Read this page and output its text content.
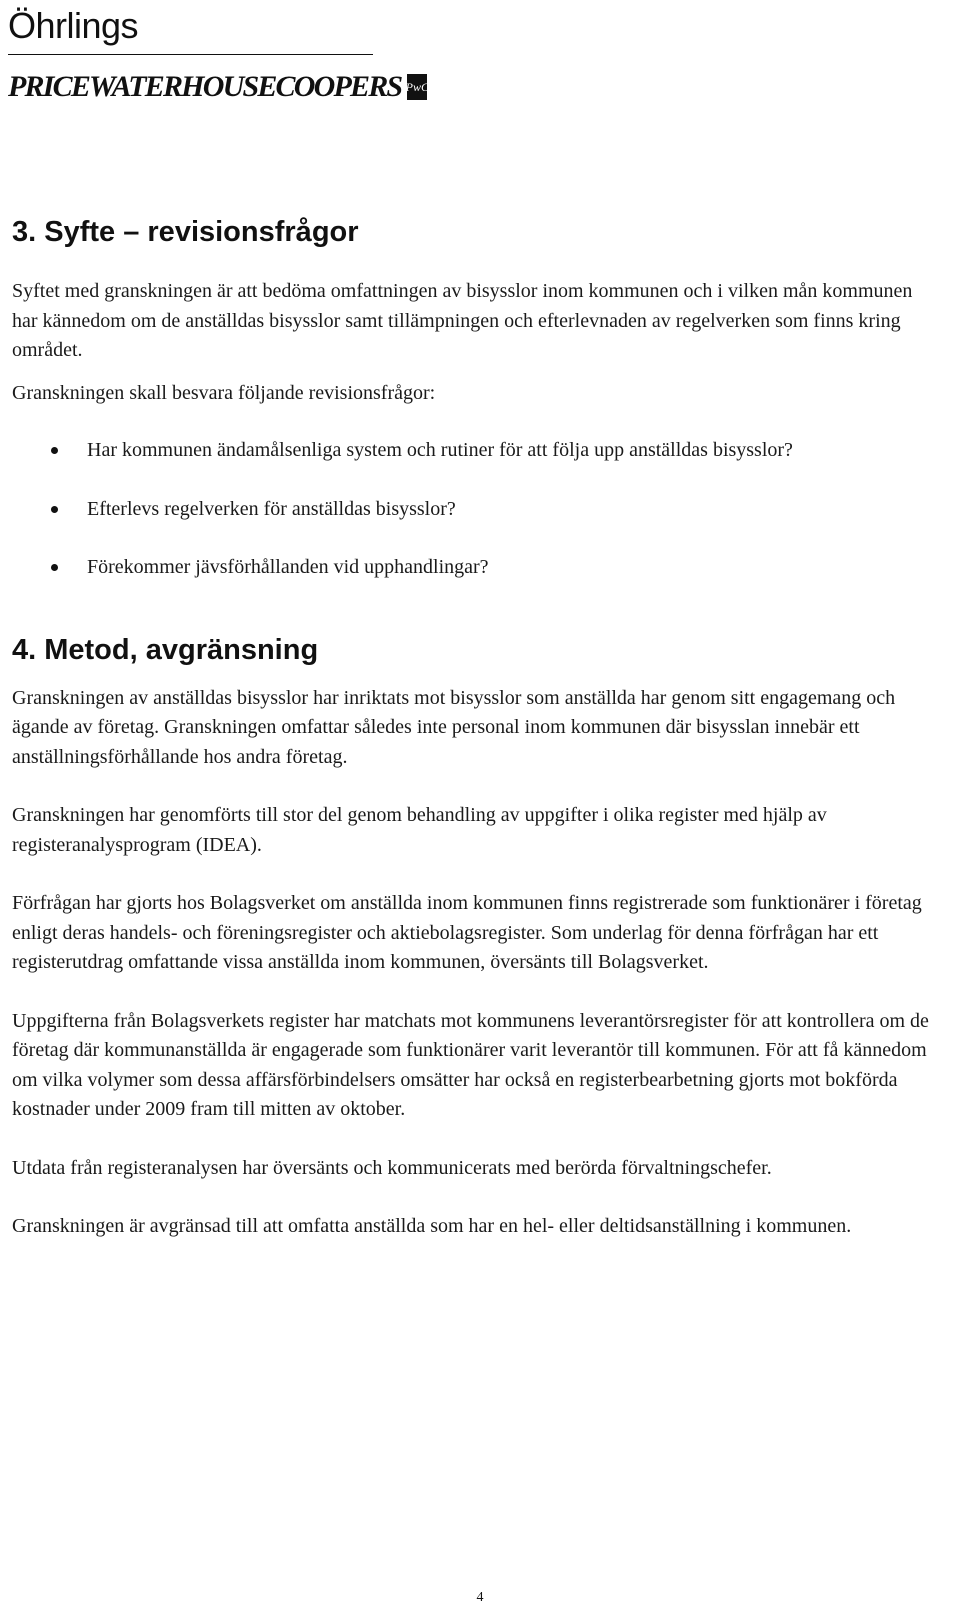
Öhrlings
PRICEWATERHOUSECOOPERS PwC
3. Syfte – revisionsfrågor

Syftet med granskningen är att bedöma omfattningen av bisysslor inom kommunen och i vilken mån kommunen har kännedom om de anställdas bisysslor samt tillämpningen och efterlevnaden av regelverken som finns kring området.

Granskningen skall besvara följande revisionsfrågor:

Har kommunen ändamålsenliga system och rutiner för att följa upp anställdas bisysslor?
Efterlevs regelverken för anställdas bisysslor?
Förekommer jävsförhållanden vid upphandlingar?
4. Metod, avgränsning

Granskningen av anställdas bisysslor har inriktats mot bisysslor som anställda har genom sitt engagemang och ägande av företag. Granskningen omfattar således inte personal inom kommunen där bisysslan innebär ett anställningsförhållande hos andra företag.

Granskningen har genomförts till stor del genom behandling av uppgifter i olika register med hjälp av registeranalysprogram (IDEA).

Förfrågan har gjorts hos Bolagsverket om anställda inom kommunen finns registrerade som funktionärer i företag enligt deras handels- och föreningsregister och aktiebolagsregister. Som underlag för denna förfrågan har ett registerutdrag omfattande vissa anställda inom kommunen, översänts till Bolagsverket.

Uppgifterna från Bolagsverkets register har matchats mot kommunens leverantörsregister för att kontrollera om de företag där kommunanställda är engagerade som funktionärer varit leverantör till kommunen. För att få kännedom om vilka volymer som dessa affärsförbindelsers omsätter har också en registerbearbetning gjorts mot bokförda kostnader under 2009 fram till mitten av oktober.

Utdata från registeranalysen har översänts och kommunicerats med berörda förvaltningschefer.

Granskningen är avgränsad till att omfatta anställda som har en hel- eller deltidsanställning i kommunen.

4
